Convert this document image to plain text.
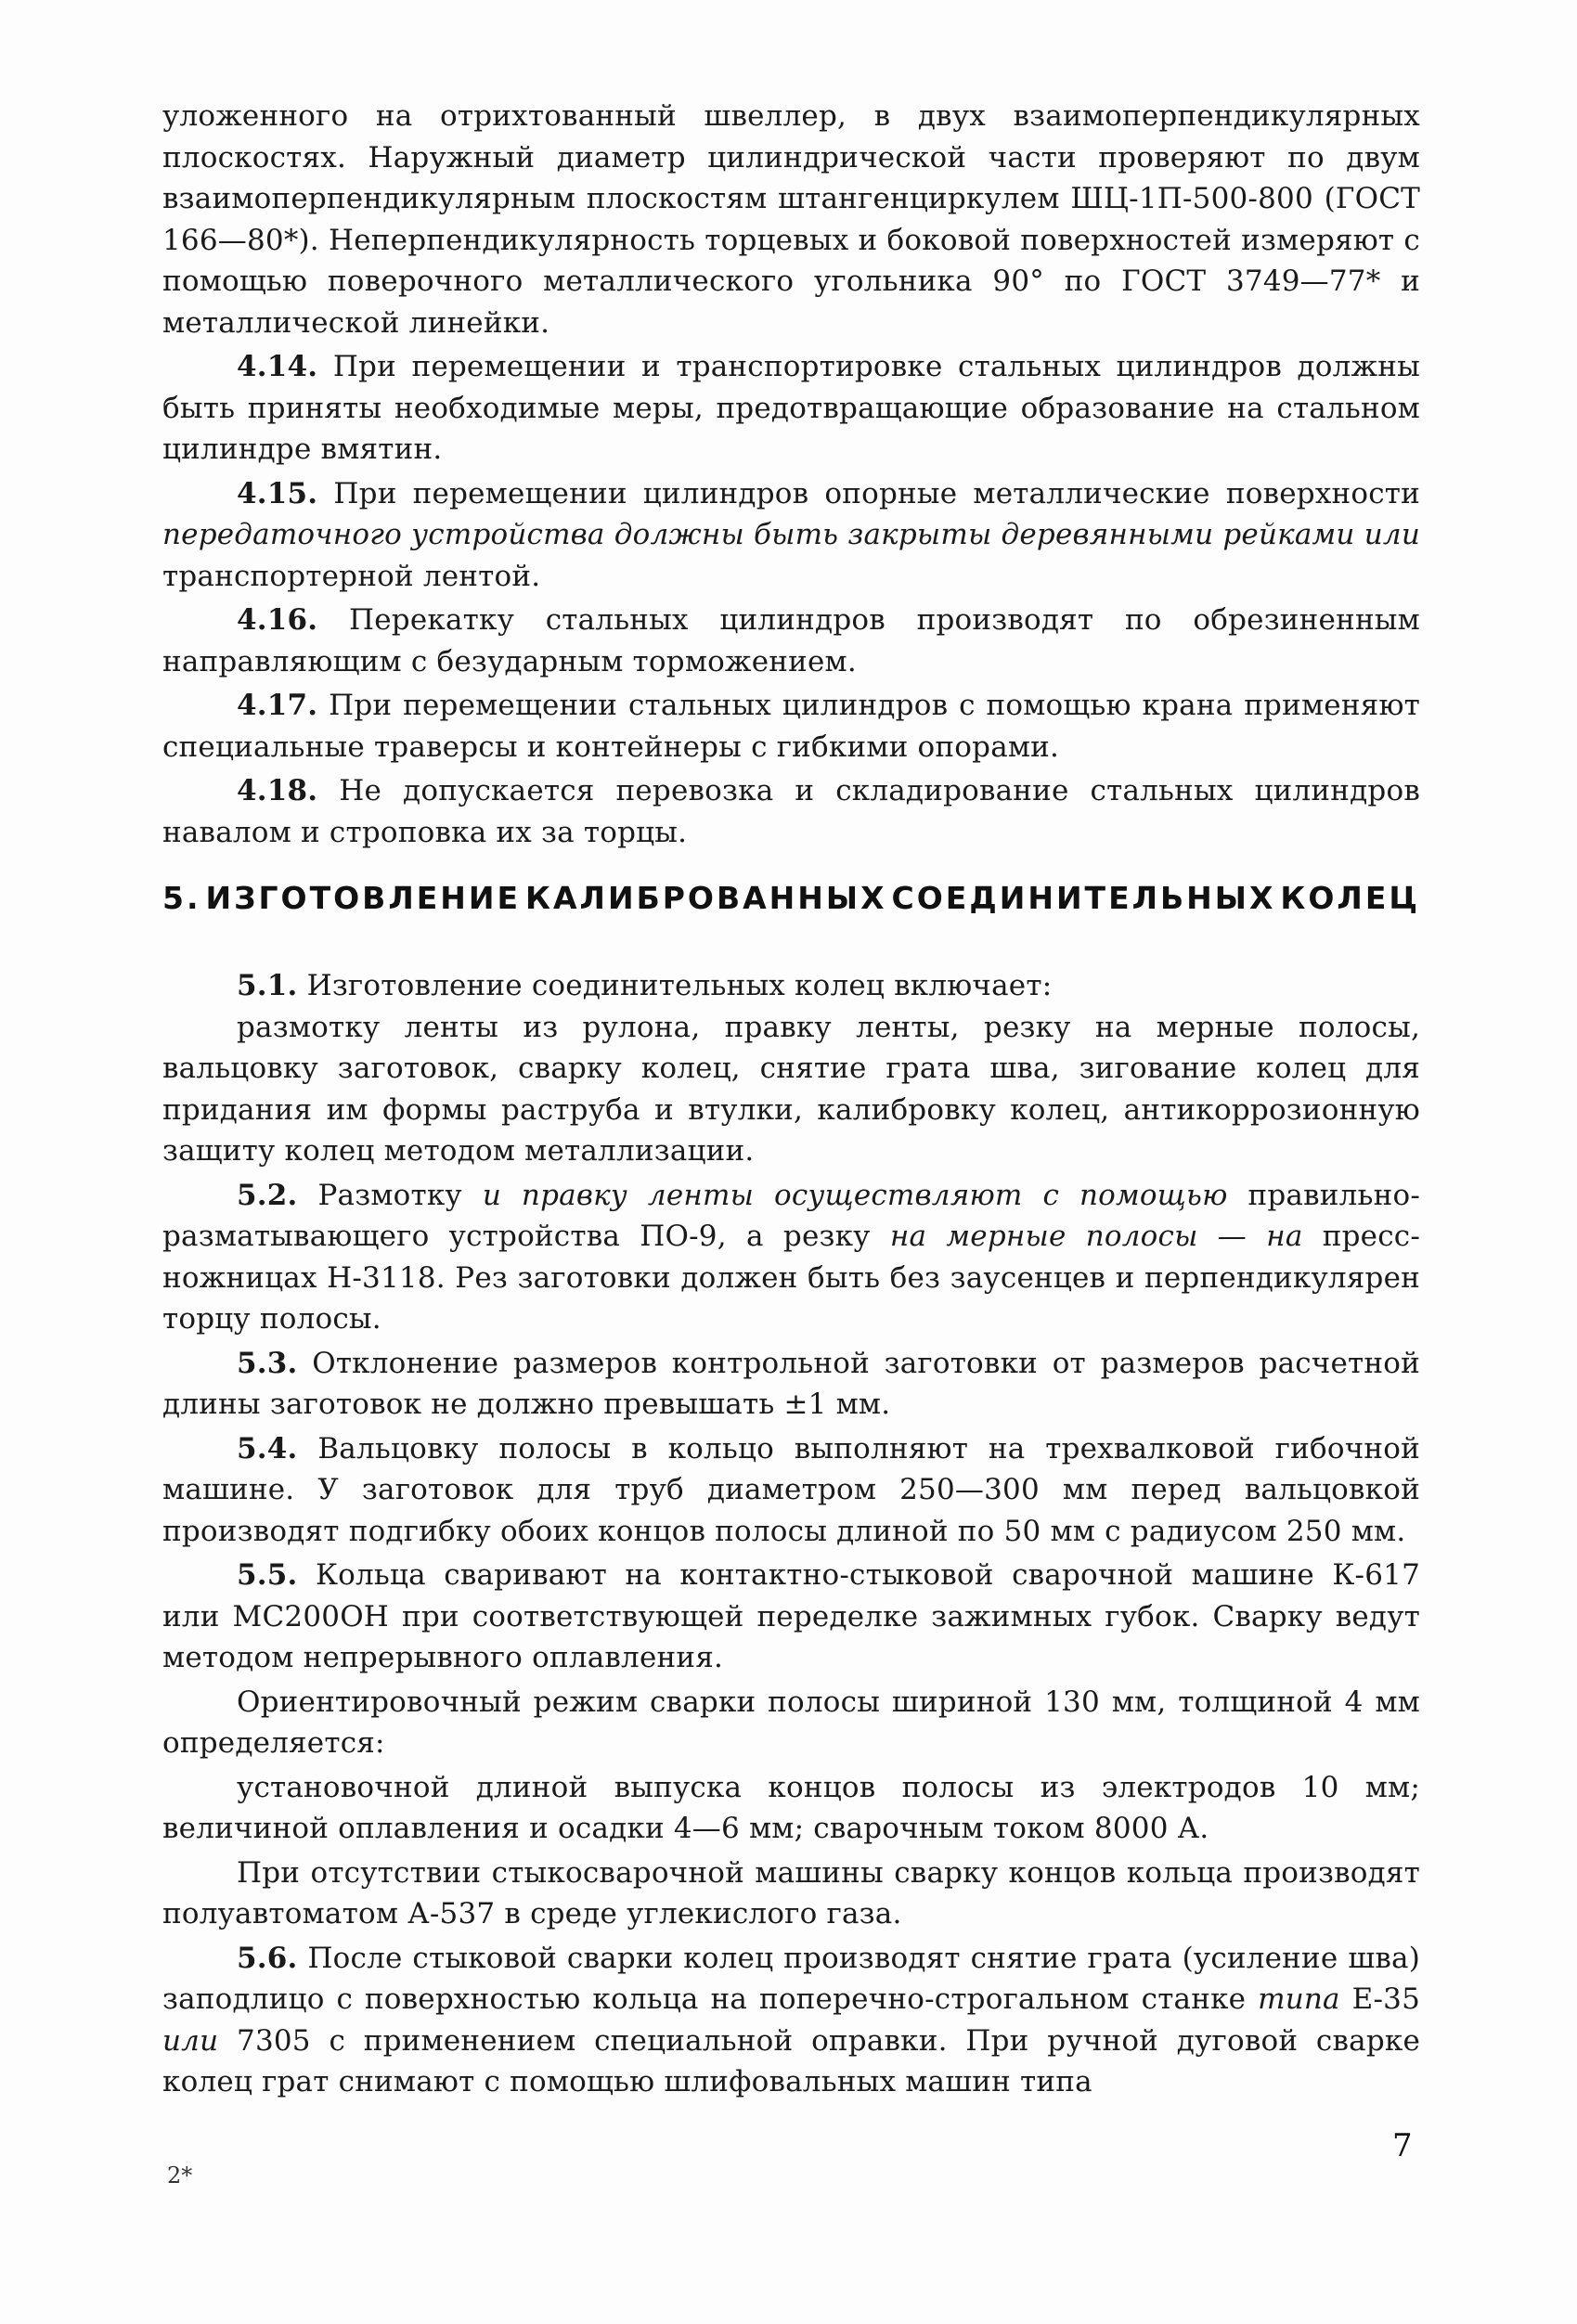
уложенного на отрихтованный швеллер, в двух взаимоперпендикулярных плоскостях. Наружный диаметр цилиндрической части проверяют по двум взаимоперпендикулярным плоскостям штангенциркулем ШЦ-1П-500-800 (ГОСТ 166—80*). Неперпендикулярность торцевых и боковой поверхностей измеряют с помощью поверочного металлического угольника 90° по ГОСТ 3749—77* и металлической линейки.

4.14. При перемещении и транспортировке стальных цилиндров должны быть приняты необходимые меры, предотвращающие образование на стальном цилиндре вмятин.

4.15. При перемещении цилиндров опорные металлические поверхности передаточного устройства должны быть закрыты деревянными рейками или транспортерной лентой.

4.16. Перекатку стальных цилиндров производят по обрезиненным направляющим с безударным торможением.

4.17. При перемещении стальных цилиндров с помощью крана применяют специальные траверсы и контейнеры с гибкими опорами.

4.18. Не допускается перевозка и складирование стальных цилиндров навалом и строповка их за торцы.

5. ИЗГОТОВЛЕНИЕ КАЛИБРОВАННЫХ СОЕДИНИТЕЛЬНЫХ КОЛЕЦ

5.1. Изготовление соединительных колец включает:

размотку ленты из рулона, правку ленты, резку на мерные полосы, вальцовку заготовок, сварку колец, снятие грата шва, зигование колец для придания им формы раструба и втулки, калибровку колец, антикоррозионную защиту колец методом металлизации.

5.2. Размотку и правку ленты осуществляют с помощью правильно-разматывающего устройства ПО-9, а резку на мерные полосы — на пресс-ножницах Н-3118. Рез заготовки должен быть без заусенцев и перпендикулярен торцу полосы.

5.3. Отклонение размеров контрольной заготовки от размеров расчетной длины заготовок не должно превышать ±1 мм.

5.4. Вальцовку полосы в кольцо выполняют на трехвалковой гибочной машине. У заготовок для труб диаметром 250—300 мм перед вальцовкой производят подгибку обоих концов полосы длиной по 50 мм с радиусом 250 мм.

5.5. Кольца сваривают на контактно-стыковой сварочной машине К-617 или МС200ОН при соответствующей переделке зажимных губок. Сварку ведут методом непрерывного оплавления.

Ориентировочный режим сварки полосы шириной 130 мм, толщиной 4 мм определяется:

установочной длиной выпуска концов полосы из электродов 10 мм; величиной оплавления и осадки 4—6 мм; сварочным током 8000 А.

При отсутствии стыкосварочной машины сварку концов кольца производят полуавтоматом А-537 в среде углекислого газа.

5.6. После стыковой сварки колец производят снятие грата (усиление шва) заподлицо с поверхностью кольца на поперечно-строгальном станке типа Е-35 или 7305 с применением специальной оправки. При ручной дуговой сварке колец грат снимают с помощью шлифовальных машин типа

2*
7
